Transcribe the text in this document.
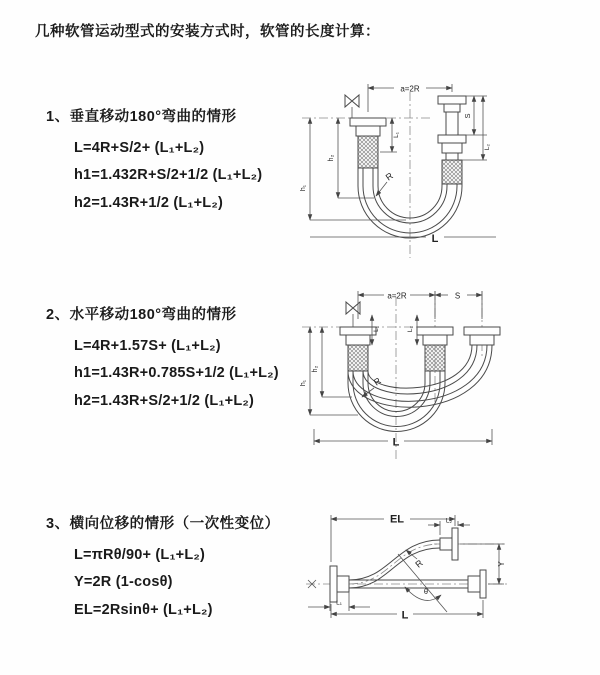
几种软管运动型式的安装方式时，软管的长度计算：
1、垂直移动180°弯曲的情形
L=4R+S/2+ (L₁+L₂)
h1=1.432R+S/2+1/2 (L₁+L₂)
h2=1.43R+1/2 (L₁+L₂)
a=2R
L₁
S
L₂
h₂
h₁
R
L
2、水平移动180°弯曲的情形
L=4R+1.57S+ (L₁+L₂)
h1=1.43R+0.785S+1/2 (L₁+L₂)
h2=1.43R+S/2+1/2 (L₁+L₂)
a=2R	S
L₁	L₂
h₂
h₁	R
L
3、横向位移的情形（一次性变位）
L=πRθ/90+ (L₁+L₂)
Y=2R (1-cosθ)
EL=2Rsinθ+ (L₁+L₂)
EL	L₂
Y
θ
R
L₁
L
